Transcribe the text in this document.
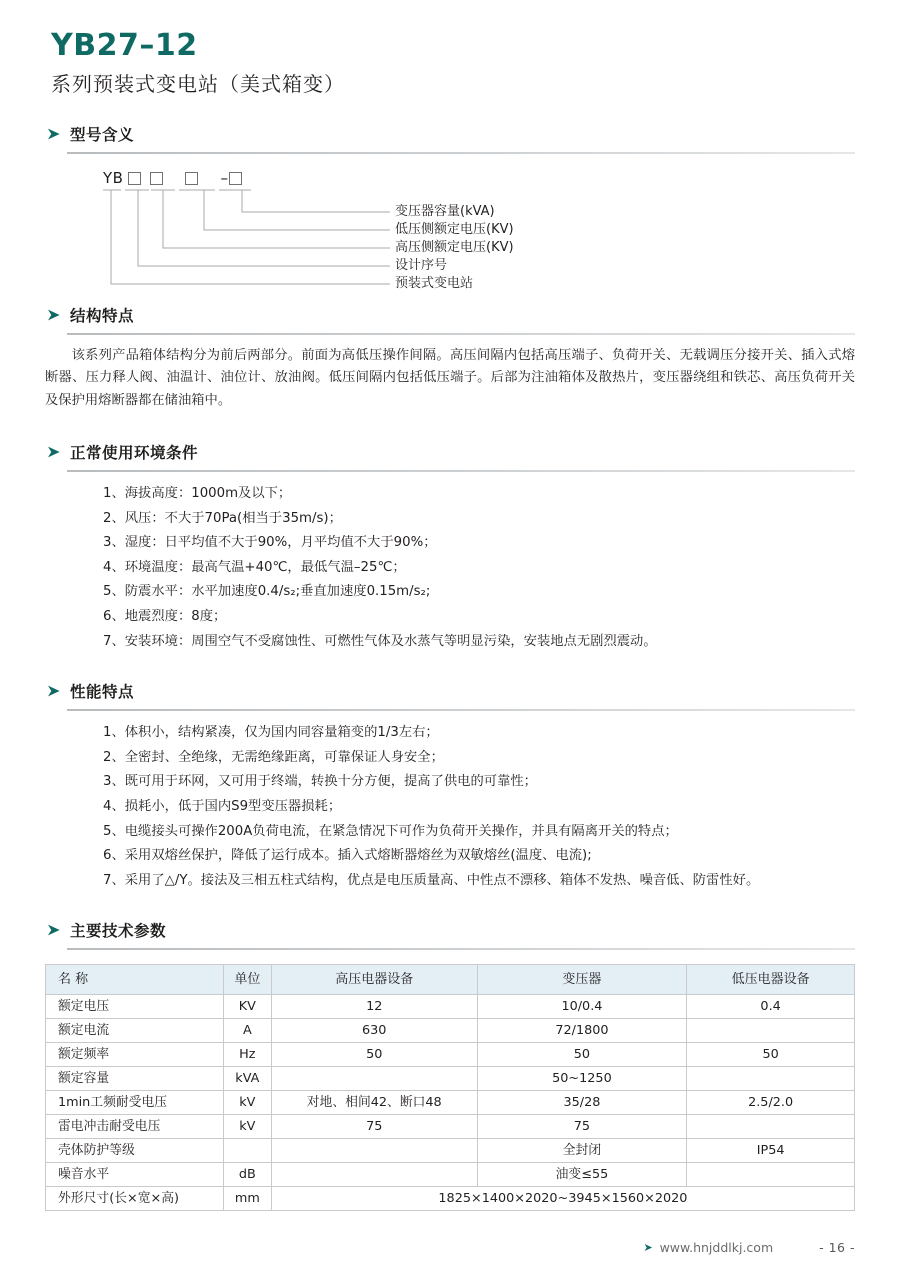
YB27–12
系列预装式变电站（美式箱变）
型号含义
YB	–
变压器容量(kVA)
低压侧额定电压(KV)
高压侧额定电压(KV)
设计序号
预装式变电站
结构特点

该系列产品箱体结构分为前后两部分。前面为高低压操作间隔。高压间隔内包括高压端子、负荷开关、无载调压分接开关、插入式熔断器、压力释人阀、油温计、油位计、放油阀。低压间隔内包括低压端子。后部为注油箱体及散热片，变压器绕组和铁芯、高压负荷开关及保护用熔断器都在储油箱中。

正常使用环境条件
1、海拔高度：1000m及以下；
2、风压：不大于70Pa(相当于35m/s)；
3、湿度：日平均值不大于90%，月平均值不大于90%；
4、环境温度：最高气温+40℃，最低气温–25℃；
5、防震水平：水平加速度0.4/s₂;垂直加速度0.15m/s₂;
6、地震烈度：8度；
7、安装环境：周围空气不受腐蚀性、可燃性气体及水蒸气等明显污染，安装地点无剧烈震动。
性能特点
1、体积小，结构紧凑，仅为国内同容量箱变的1/3左右；
2、全密封、全绝缘，无需绝缘距离，可靠保证人身安全；
3、既可用于环网，又可用于终端，转换十分方便，提高了供电的可靠性；
4、损耗小，低于国内S9型变压器损耗；
5、电缆接头可操作200A负荷电流，在紧急情况下可作为负荷开关操作，并具有隔离开关的特点；
6、采用双熔丝保护，降低了运行成本。插入式熔断器熔丝为双敏熔丝(温度、电流);
7、采用了△/Y。接法及三相五柱式结构，优点是电压质量高、中性点不漂移、箱体不发热、噪音低、防雷性好。
主要技术参数
名 称	单位	高压电器设备	变压器	低压电器设备
额定电压	KV	12	10/0.4	0.4
额定电流	A	630	72/1800	
额定频率	Hz	50	50	50
额定容量	kVA		50~1250	
1min工频耐受电压	kV	对地、相间42、断口48	35/28	2.5/2.0
雷电冲击耐受电压	kV	75	75	
壳体防护等级			全封闭	IP54
噪音水平	dB		油变≤55	
外形尺寸(长×宽×高)	mm	1825×1400×2020~3945×1560×2020		
www.hnjddlkj.com	- 16 -
